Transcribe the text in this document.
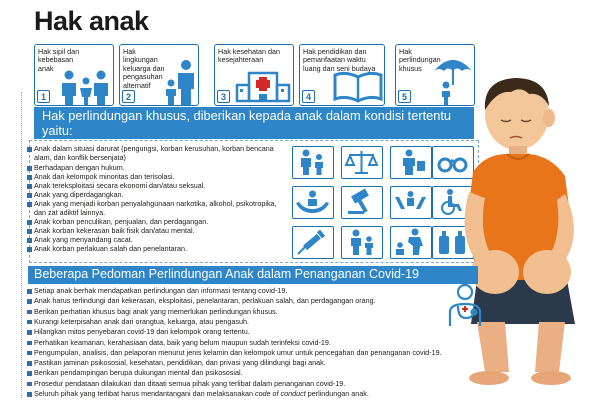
Hak anak
Hak sipil dan kebebasan anak
1
Hak lingkungan keluarga dan pengasuhan alternatif
2
Hak kesehatan dan kesejahteraan
3
Hak pendidikan dan pemanfaatan waktu luang dan seni budaya
4
Hak perlindungan khusus
5
Hak perlindungan khusus, diberikan kepada anak dalam kondisi tertentu yaitu:
Anak dalam situasi darurat (pengungsi, korban kerusuhan, korban bencana alam, dan konflik bersenjata)
Berhadapan dengan hukum.
Anak dari kelompok minoritas dan terisolasi.
Anak tereksploitasi secara ekonomi dan/atau seksual.
Anak yang diperdagangkan.
Anak yang menjadi korban penyalahgunaan narkotika, alkohol, psikotropika, dan zat adiktif lainnya.
Anak korban penculikan, penjualan, dan perdagangan.
Anak korban kekerasan baik fisik dan/atau mental.
Anak yang menyandang cacat.
Anak korban perlakuan salah dan penelantaran.
Beberapa Pedoman Perlindungan Anak dalam Penanganan Covid-19
Setiap anak berhak mendapatkan perlindungan dan informasi tentang covid-19.
Anak harus terlindungi dari kekerasan, eksploitasi, penelantaran, perlakuan salah, dan perdagangan orang.
Berikan perhatian khusus bagi anak yang memerlukan perlindungan khusus.
Kurangi keterpisahan anak dari orangtua, keluarga, atau pengasuh.
Hilangkan mitos penyebaran covid-19 dari kelompok orang tertentu.
Perhatikan keamanan, kerahasiaan data, baik yang belum maupun sudah terinfeksi covid-19.
Pengumpulan, analisis, dan pelaporan menurut jenis kelamin dan kelompok umur untuk pencegahan dan penanganan covid-19.
Pastikan jaminan psikososial, kesehatan, pendidikan, dan privasi yang dilindungi bagi anak.
Berikan pendampingan berupa dukungan mental dan psikososial.
Prosedur pendataan dilakukan dan ditaati semua pihak yang terlibat dalam penanganan covid-19.
Seluruh pihak yang terlibat harus mendantangani dan melaksanakan code of conduct perlindungan anak.
